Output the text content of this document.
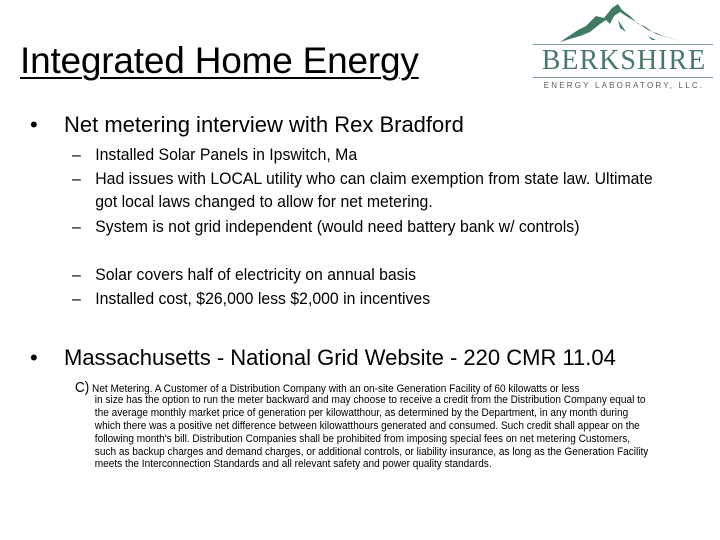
Integrated Home Energy	BERKSHIRE
ENERGY LABORATORY, LLC.
• Net metering interview with Rex Bradford
– Installed Solar Panels in Ipswitch, Ma
– Had issues with LOCAL utility who can claim exemption from state law. Ultimate got local laws changed to allow for net metering.
– System is not grid independent (would need battery bank w/ controls)
– Solar covers half of electricity on annual basis
– Installed cost, $26,000 less $2,000 in incentives
• Massachusetts - National Grid Website - 220 CMR 11.04
C) Net Metering. A Customer of a Distribution Company with an on-site Generation Facility of 60 kilowatts or less
in size has the option to run the meter backward and may choose to receive a credit from the Distribution Company equal to the average monthly market price of generation per kilowatthour, as determined by the Department, in any month during which there was a positive net difference between kilowatthours generated and consumed. Such credit shall appear on the following month's bill. Distribution Companies shall be prohibited from imposing special fees on net metering Customers, such as backup charges and demand charges, or additional controls, or liability insurance, as long as the Generation Facility meets the Interconnection Standards and all relevant safety and power quality standards.
